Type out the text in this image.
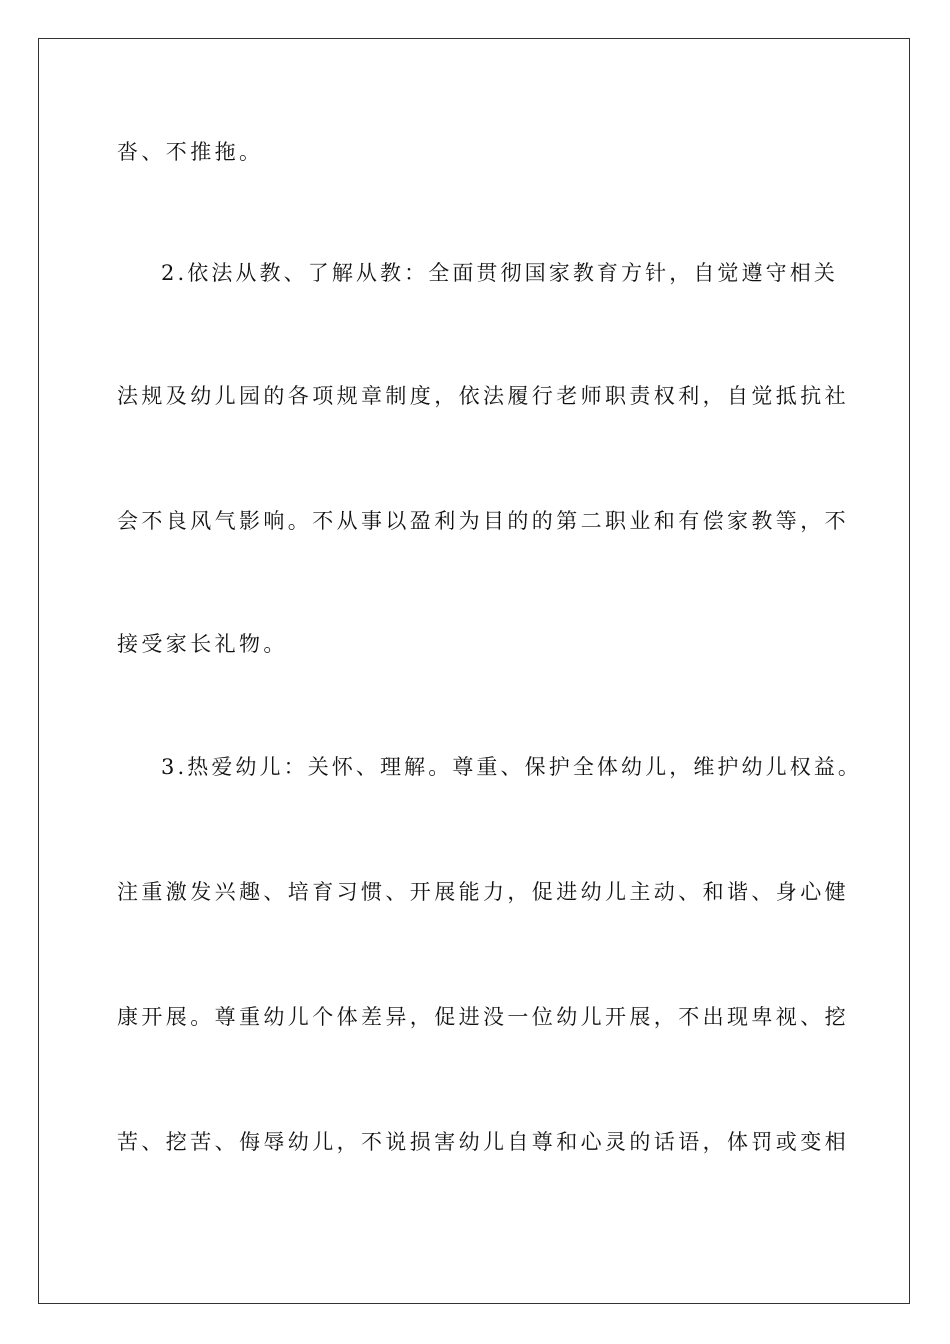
沓、不推拖。
2.依法从教、了解从教：全面贯彻国家教育方针，自觉遵守相关
法规及幼儿园的各项规章制度，依法履行老师职责权利，自觉抵抗社
会不良风气影响。不从事以盈利为目的的第二职业和有偿家教等，不
接受家长礼物。
3.热爱幼儿：关怀、理解。尊重、保护全体幼儿，维护幼儿权益。
注重激发兴趣、培育习惯、开展能力，促进幼儿主动、和谐、身心健
康开展。尊重幼儿个体差异，促进没一位幼儿开展，不出现卑视、挖
苦、挖苦、侮辱幼儿，不说损害幼儿自尊和心灵的话语，体罚或变相
